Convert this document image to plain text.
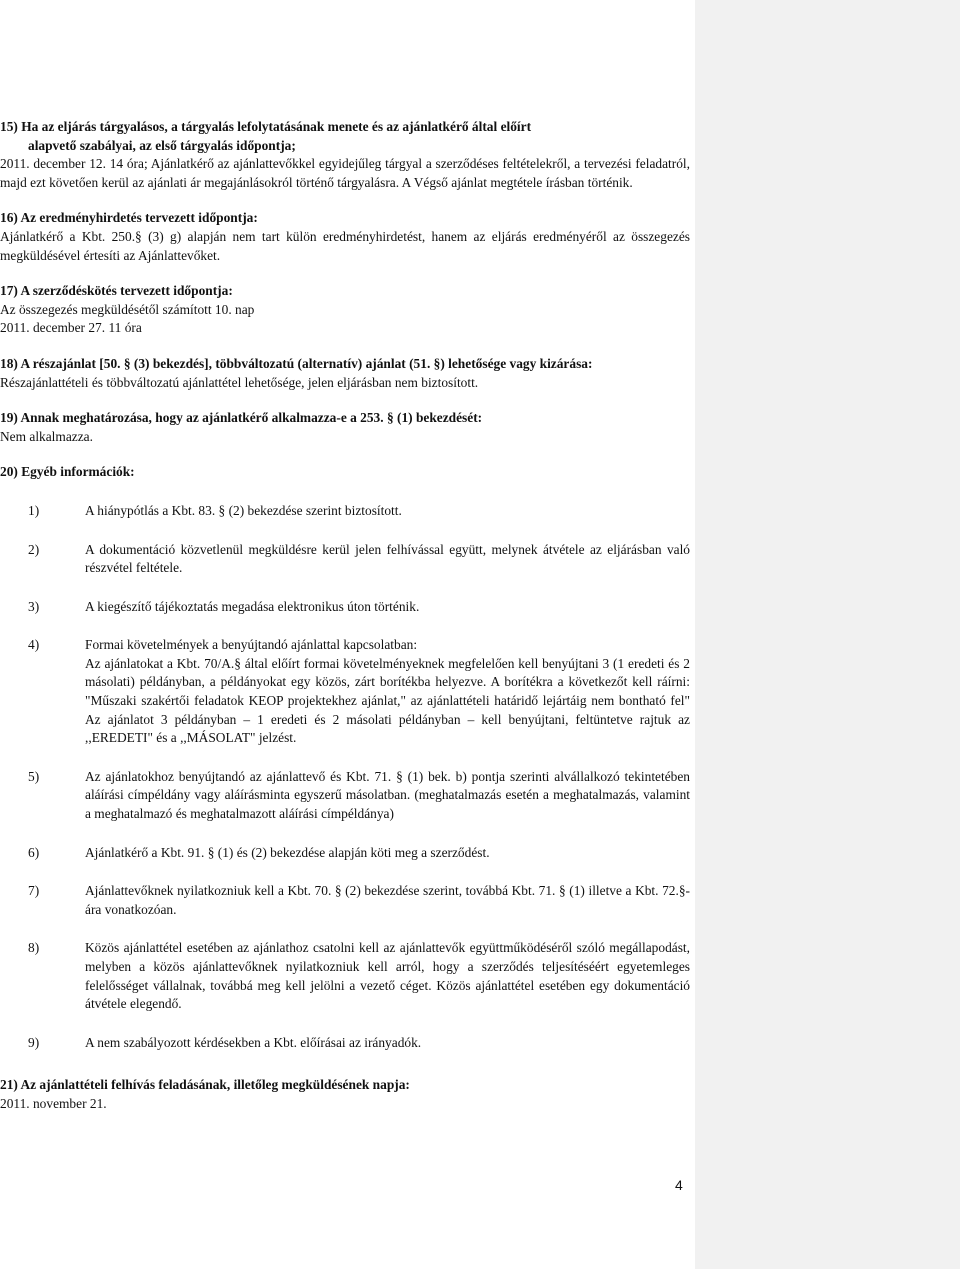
15) Ha az eljárás tárgyalásos, a tárgyalás lefolytatásának menete és az ajánlatkérő által előírt
alapvető szabályai, az első tárgyalás időpontja;
2011. december 12. 14 óra; Ajánlatkérő az ajánlattevőkkel egyidejűleg tárgyal a szerződéses feltételekről, a tervezési feladatról, majd ezt követően kerül az ajánlati ár megajánlásokról történő tárgyalásra. A Végső ajánlat megtétele írásban történik.
16) Az eredményhirdetés tervezett időpontja:
Ajánlatkérő a Kbt. 250.§ (3) g) alapján nem tart külön eredményhirdetést, hanem az eljárás eredményéről az összegezés megküldésével értesíti az Ajánlattevőket.
17) A szerződéskötés tervezett időpontja:
Az összegezés megküldésétől számított 10. nap
2011. december 27. 11 óra
18) A részajánlat [50. § (3) bekezdés], többváltozatú (alternatív) ajánlat (51. §) lehetősége vagy kizárása:
Részajánlattételi és többváltozatú ajánlattétel lehetősége, jelen eljárásban nem biztosított.
19) Annak meghatározása, hogy az ajánlatkérő alkalmazza-e a 253. § (1) bekezdését:
Nem alkalmazza.
20) Egyéb információk:
1)	A hiánypótlás a Kbt. 83. § (2) bekezdése szerint biztosított.
2)	A dokumentáció közvetlenül megküldésre kerül jelen felhívással együtt, melynek átvétele az eljárásban való részvétel feltétele.
3)	A kiegészítő tájékoztatás megadása elektronikus úton történik.
4)	Formai követelmények a benyújtandó ajánlattal kapcsolatban:
Az ajánlatokat a Kbt. 70/A.§ által előírt formai követelményeknek megfelelően kell benyújtani 3 (1 eredeti és 2 másolati) példányban, a példányokat egy közös, zárt borítékba helyezve. A borítékra a következőt kell ráírni: "Műszaki szakértői feladatok KEOP projektekhez ajánlat," az ajánlattételi határidő lejártáig nem bontható fel" Az ajánlatot 3 példányban – 1 eredeti és 2 másolati példányban – kell benyújtani, feltüntetve rajtuk az ,,EREDETI" és a ,,MÁSOLAT" jelzést.
5)	Az ajánlatokhoz benyújtandó az ajánlattevő és Kbt. 71. § (1) bek. b) pontja szerinti alvállalkozó tekintetében aláírási címpéldány vagy aláírásminta egyszerű másolatban. (meghatalmazás esetén a meghatalmazás, valamint a meghatalmazó és meghatalmazott aláírási címpéldánya)
6)	Ajánlatkérő a Kbt. 91. § (1) és (2) bekezdése alapján köti meg a szerződést.
7)	Ajánlattevőknek nyilatkozniuk kell a Kbt. 70. § (2) bekezdése szerint, továbbá Kbt. 71. § (1) illetve a Kbt. 72.§- ára vonatkozóan.
8)	Közös ajánlattétel esetében az ajánlathoz csatolni kell az ajánlattevők együttműködéséről szóló megállapodást, melyben a közös ajánlattevőknek nyilatkozniuk kell arról, hogy a szerződés teljesítéséért egyetemleges felelősséget vállalnak, továbbá meg kell jelölni a vezető céget. Közös ajánlattétel esetében egy dokumentáció átvétele elegendő.
9)	A nem szabályozott kérdésekben a Kbt. előírásai az irányadók.
21) Az ajánlattételi felhívás feladásának, illetőleg megküldésének napja:
2011. november 21.
4
